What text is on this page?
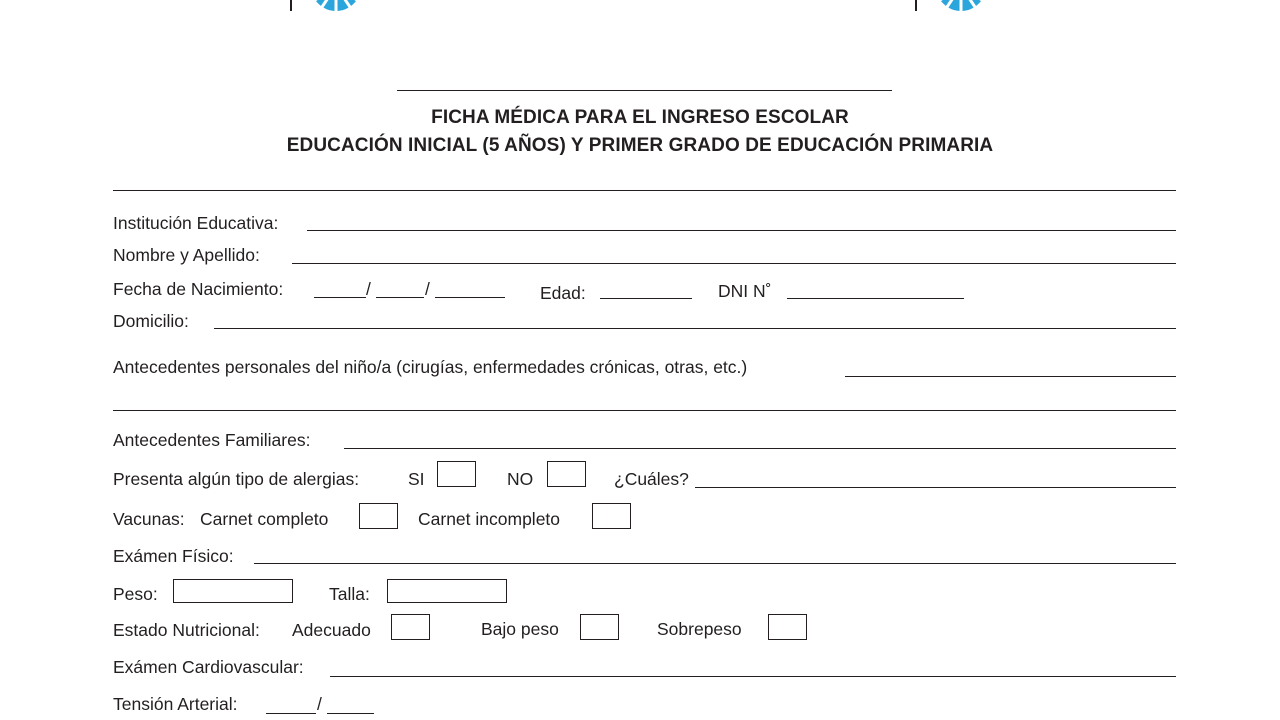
FICHA MÉDICA PARA EL INGRESO ESCOLAR
EDUCACIÓN INICIAL (5 AÑOS) Y PRIMER GRADO DE EDUCACIÓN PRIMARIA
Institución Educativa:
Nombre y Apellido:
Fecha de Nacimiento:	/	/	Edad:	DNI N˚
Domicilio:
Antecedentes personales del niño/a (cirugías, enfermedades crónicas, otras, etc.)
Antecedentes Familiares:
Presenta algún tipo de alergias:	SI	NO	¿Cuáles?
Vacunas: Carnet completo	Carnet incompleto
Exámen Físico:
Peso:	Talla:
Estado Nutricional: Adecuado	Bajo peso	Sobrepeso
Exámen Cardiovascular:
Tensión Arterial:	/
